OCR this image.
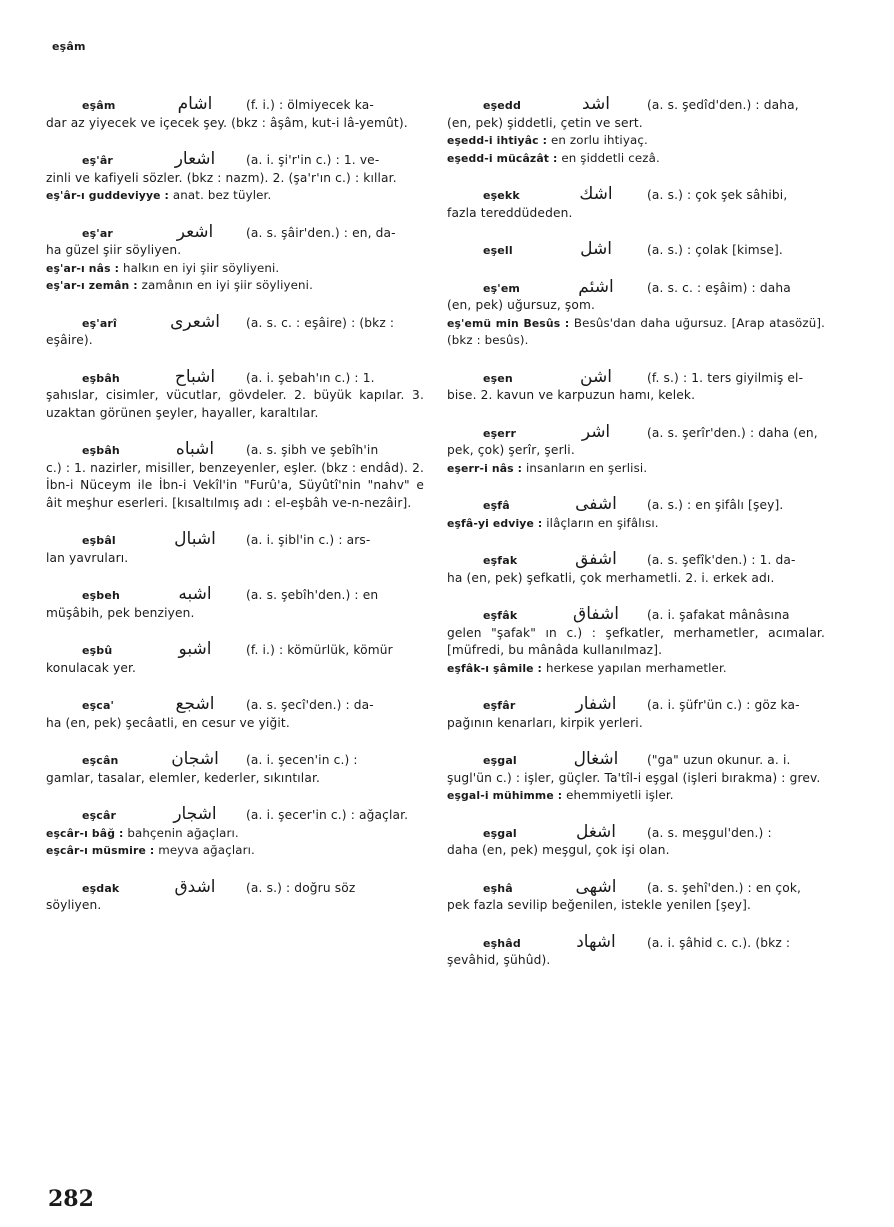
eşâm
eşâm	اشام	(f. i.) : ölmiyecek ka-

dar az yiyecek ve içecek şey. (bkz : âşâm, kut-i lâ-yemût).

eş'âr	اشعار	(a. i. şi'r'in c.) : 1. ve-

zinli ve kafiyeli sözler. (bkz : nazm). 2. (şa'r'ın c.) : kıllar.

eş'âr-ı guddeviyye : anat. bez tüyler.

eş'ar	اشعر	(a. s. şâir'den.) : en, da-

ha güzel şiir söyliyen.

eş'ar-ı nâs : halkın en iyi şiir söyliyeni.

eş'ar-ı zemân : zamânın en iyi şiir söyliyeni.

eş'arî	اشعرى	(a. s. c. : eşâire) : (bkz :

eşâire).

eşbâh	اشباح	(a. i. şebah'ın c.) : 1.

şahıslar, cisimler, vücutlar, gövdeler. 2. büyük kapılar. 3. uzaktan görünen şeyler, hayaller, karaltılar.

eşbâh	اشباه	(a. s. şibh ve şebîh'in

c.) : 1. nazirler, misiller, benzeyenler, eşler. (bkz : endâd). 2. İbn-i Nüceym ile İbn-i Vekîl'in "Furû'a, Süyûtî'nin "nahv" e âit meşhur eserleri. [kısaltılmış adı : el-eşbâh ve-n-nezâir].

eşbâl	اشبال	(a. i. şibl'in c.) : ars-

lan yavruları.

eşbeh	اشبه	(a. s. şebîh'den.) : en

müşâbih, pek benziyen.

eşbû	اشبو	(f. i.) : kömürlük, kömür

konulacak yer.

eşca'	اشجع	(a. s. şecî'den.) : da-

ha (en, pek) şecâatli, en cesur ve yiğit.

eşcân	اشجان	(a. i. şecen'in c.) :

gamlar, tasalar, elemler, kederler, sıkıntılar.

eşcâr	اشجار	(a. i. şecer'in c.) : ağaçlar.

eşcâr-ı bâğ : bahçenin ağaçları.

eşcâr-ı müsmire : meyva ağaçları.

eşdak	اشدق	(a. s.) : doğru söz

söyliyen.

eşedd	اشد	(a. s. şedîd'den.) : daha,

(en, pek) şiddetli, çetin ve sert.

eşedd-i ihtiyâc : en zorlu ihtiyaç.

eşedd-i mücâzât : en şiddetli cezâ.

eşekk	اشك	(a. s.) : çok şek sâhibi,

fazla tereddüdeden.

eşell	اشل	(a. s.) : çolak [kimse].
eş'em	اشئم	(a. s. c. : eşâim) : daha

(en, pek) uğursuz, şom.

eş'emü min Besûs : Besûs'dan daha uğursuz. [Arap atasözü]. (bkz : besûs).

eşen	اشن	(f. s.) : 1. ters giyilmiş el-

bise. 2. kavun ve karpuzun hamı, kelek.

eşerr	اشر	(a. s. şerîr'den.) : daha (en,

pek, çok) şerîr, şerli.

eşerr-i nâs : insanların en şerlisi.

eşfâ	اشفى	(a. s.) : en şifâlı [şey].

eşfâ-yi edviye : ilâçların en şifâlısı.

eşfak	اشفق	(a. s. şefîk'den.) : 1. da-

ha (en, pek) şefkatli, çok merhametli. 2. i. erkek adı.

eşfâk	اشفاق	(a. i. şafakat mânâsına

gelen "şafak" ın c.) : şefkatler, merhametler, acımalar. [müfredi, bu mânâda kullanılmaz].

eşfâk-ı şâmile : herkese yapılan merhametler.

eşfâr	اشفار	(a. i. şüfr'ün c.) : göz ka-

pağının kenarları, kirpik yerleri.

eşgal	اشغال	("ga" uzun okunur. a. i.

şugl'ün c.) : işler, güçler. Ta'tîl-i eşgal (işleri bırakma) : grev.

eşgal-i mühimme : ehemmiyetli işler.

eşgal	اشغل	(a. s. meşgul'den.) :

daha (en, pek) meşgul, çok işi olan.

eşhâ	اشهى	(a. s. şehî'den.) : en çok,

pek fazla sevilip beğenilen, istekle yenilen [şey].

eşhâd	اشهاد	(a. i. şâhid c. c.). (bkz :

şevâhid, şühûd).

282
